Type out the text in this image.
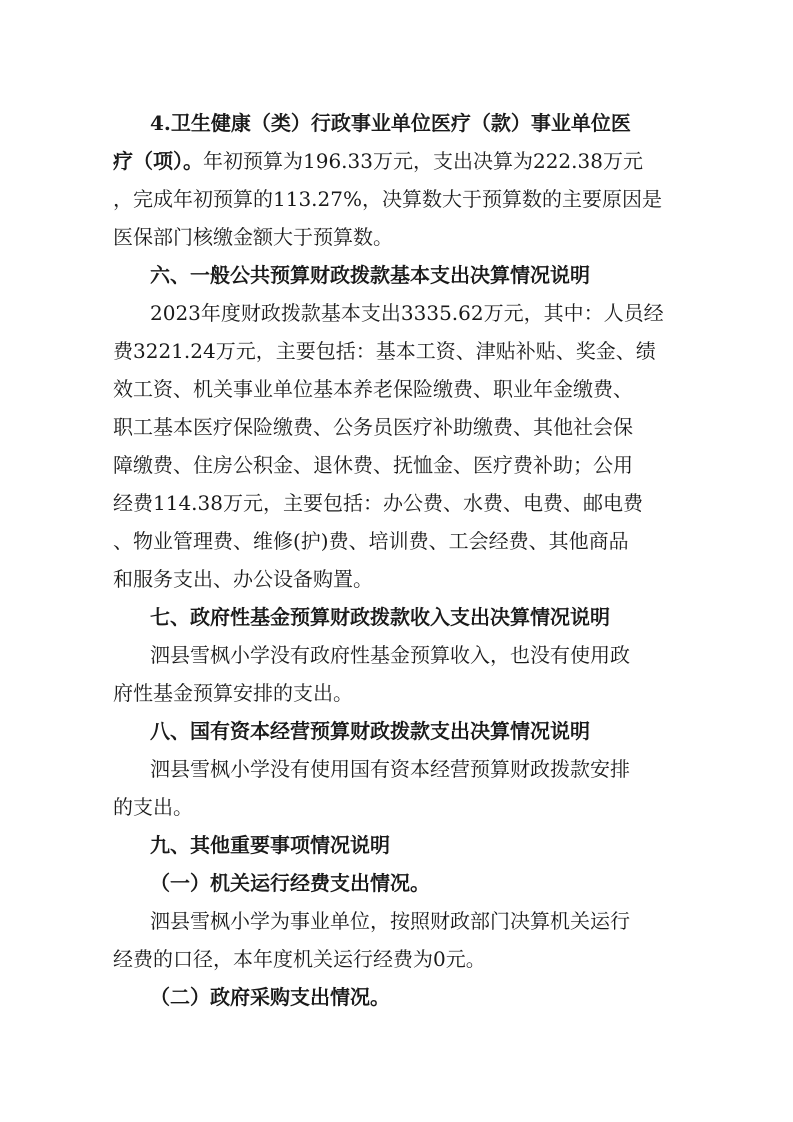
4.卫生健康（类）行政事业单位医疗（款）事业单位医
疗（项）。年初预算为196.33万元，支出决算为222.38万元
，完成年初预算的113.27%，决算数大于预算数的主要原因是
医保部门核缴金额大于预算数。
六、一般公共预算财政拨款基本支出决算情况说明
2023年度财政拨款基本支出3335.62万元，其中：人员经
费3221.24万元，主要包括：基本工资、津贴补贴、奖金、绩
效工资、机关事业单位基本养老保险缴费、职业年金缴费、
职工基本医疗保险缴费、公务员医疗补助缴费、其他社会保
障缴费、住房公积金、退休费、抚恤金、医疗费补助；公用
经费114.38万元，主要包括：办公费、水费、电费、邮电费
、物业管理费、维修(护)费、培训费、工会经费、其他商品
和服务支出、办公设备购置。
七、政府性基金预算财政拨款收入支出决算情况说明
泗县雪枫小学没有政府性基金预算收入，也没有使用政
府性基金预算安排的支出。
八、国有资本经营预算财政拨款支出决算情况说明
泗县雪枫小学没有使用国有资本经营预算财政拨款安排
的支出。
九、其他重要事项情况说明
（一）机关运行经费支出情况。
泗县雪枫小学为事业单位，按照财政部门决算机关运行
经费的口径，本年度机关运行经费为0元。
（二）政府采购支出情况。
